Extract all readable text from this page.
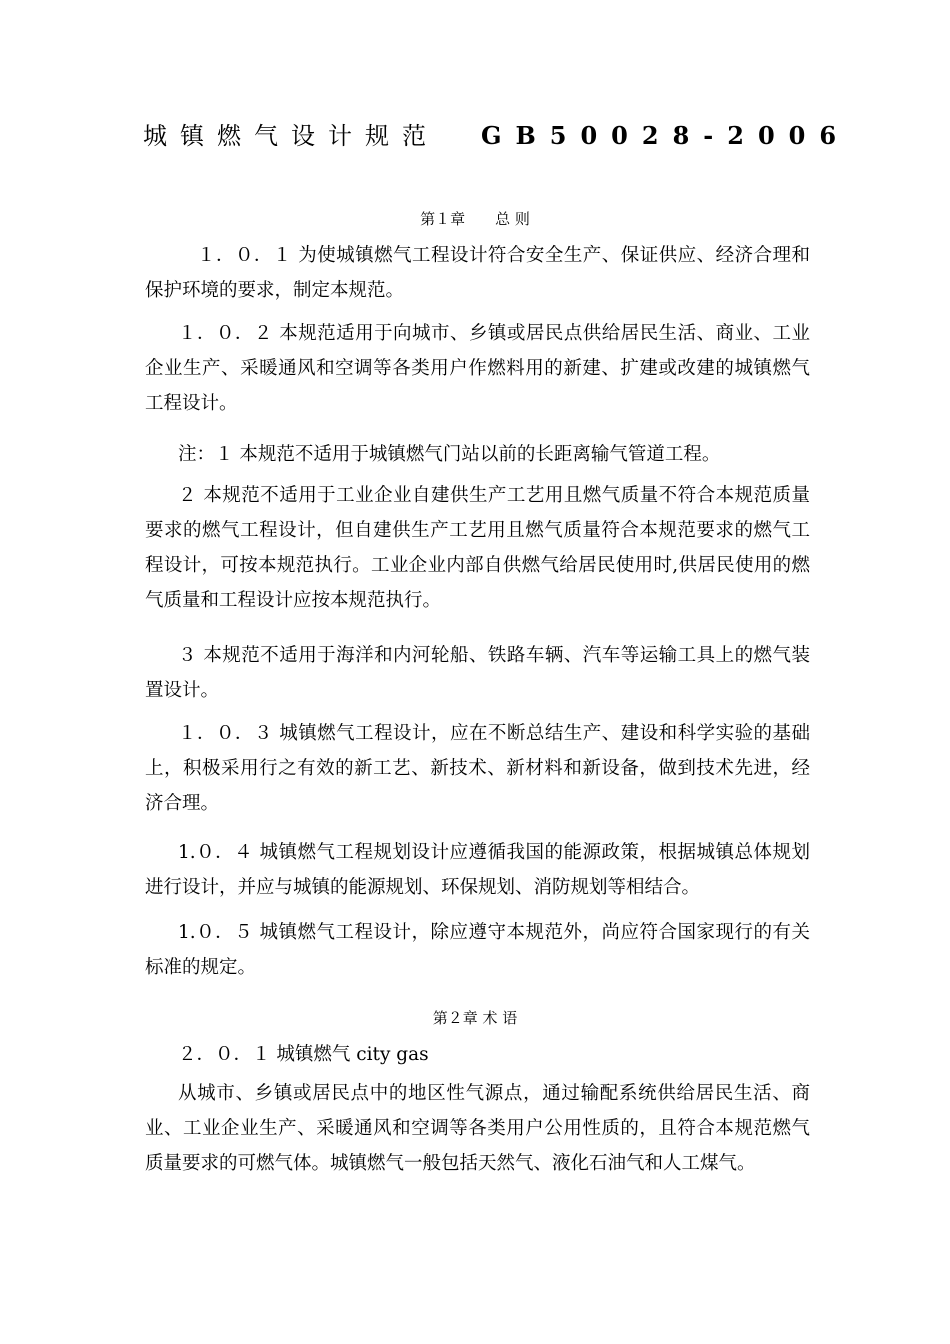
城镇燃气设计规范 GB50028-2006
第１章　　总 则
１．０．１ 为使城镇燃气工程设计符合安全生产、保证供应、经济合理和保护环境的要求，制定本规范。
１．０．２ 本规范适用于向城市、乡镇或居民点供给居民生活、商业、工业企业生产、采暖通风和空调等各类用户作燃料用的新建、扩建或改建的城镇燃气工程设计。
注：１ 本规范不适用于城镇燃气门站以前的长距离输气管道工程。
２ 本规范不适用于工业企业自建供生产工艺用且燃气质量不符合本规范质量要求的燃气工程设计，但自建供生产工艺用且燃气质量符合本规范要求的燃气工程设计，可按本规范执行。工业企业内部自供燃气给居民使用时,供居民使用的燃气质量和工程设计应按本规范执行。
３ 本规范不适用于海洋和内河轮船、铁路车辆、汽车等运输工具上的燃气装置设计。
１．０．３ 城镇燃气工程设计，应在不断总结生产、建设和科学实验的基础上，积极采用行之有效的新工艺、新技术、新材料和新设备，做到技术先进，经济合理。
1.０．４ 城镇燃气工程规划设计应遵循我国的能源政策，根据城镇总体规划进行设计，并应与城镇的能源规划、环保规划、消防规划等相结合。
1.０．５ 城镇燃气工程设计，除应遵守本规范外，尚应符合国家现行的有关标准的规定。
第２章 术 语
２．０．１ 城镇燃气 city gas
从城市、乡镇或居民点中的地区性气源点，通过输配系统供给居民生活、商业、工业企业生产、采暖通风和空调等各类用户公用性质的，且符合本规范燃气质量要求的可燃气体。城镇燃气一般包括天然气、液化石油气和人工煤气。
